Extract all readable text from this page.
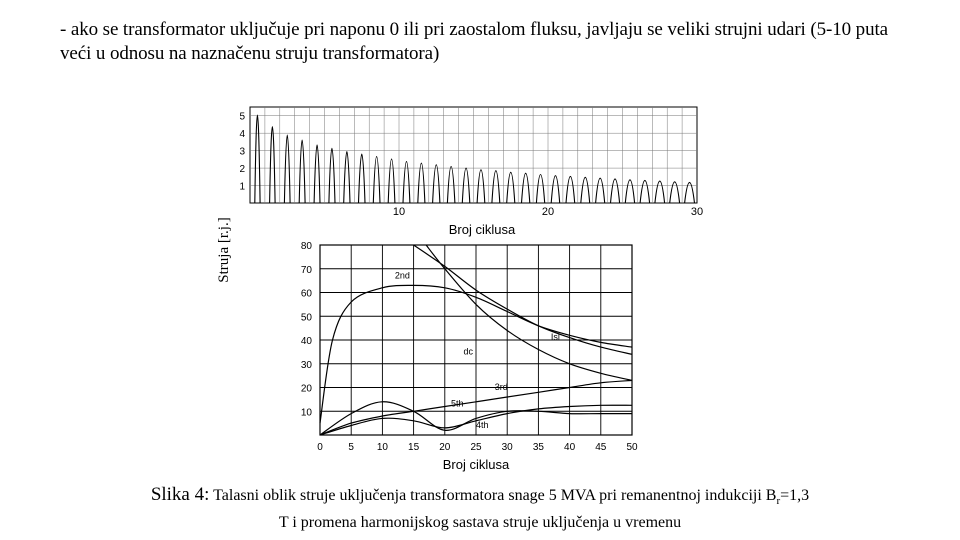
- ako se transformator uključuje pri naponu 0 ili pri zaostalom fluksu, javljaju se veliki strujni udari (5-10 puta veći u odnosu na naznačenu struju transformatora)
1
2
3
4
5
10	20	30
Struja [r.j.]	Broj ciklusa
Isl
dc
2nd
3rd
5th
4th
10
20
30
40
50
60
70
80
0	5 10 15 20 25 30 35 40 45 50
Broj ciklusa
Slika 4: Talasni oblik struje uključenja transformatora snage 5 MVA pri remanentnoj indukciji $B_r=1,3$
T i promena harmonijskog sastava struje uključenja u vremenu
